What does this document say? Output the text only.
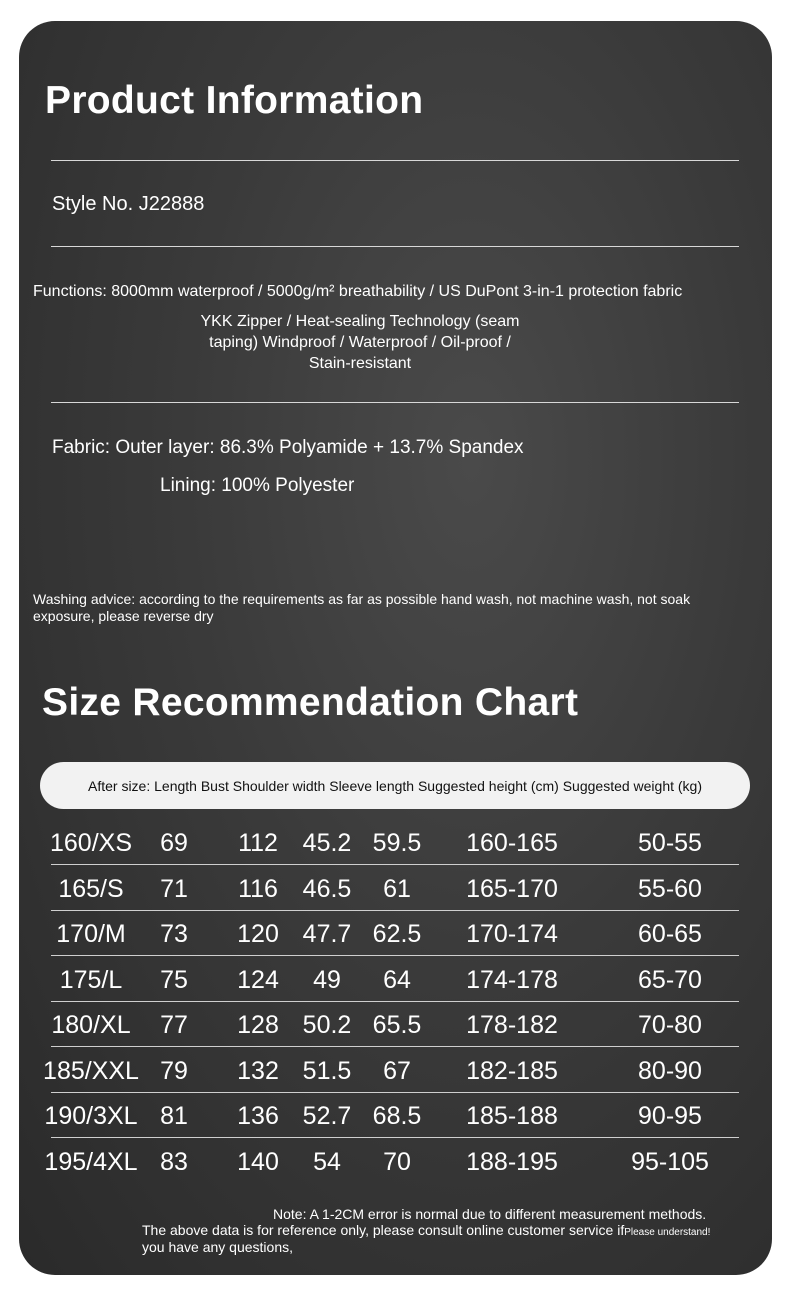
Product Information
Style No. J22888
Functions: 8000mm waterproof / 5000g/m² breathability / US DuPont 3-in-1 protection fabric
YKK Zipper / Heat-sealing Technology (seam
taping) Windproof / Waterproof / Oil-proof /
Stain-resistant
Fabric: Outer layer: 86.3% Polyamide + 13.7% Spandex
Lining: 100% Polyester
Washing advice: according to the requirements as far as possible hand wash, not machine wash, not soak
exposure, please reverse dry
Size Recommendation Chart
After size: Length Bust Shoulder width Sleeve length Suggested height (cm) Suggested weight (kg)
160/XS 69 112 45.2 59.5 160-165	50-55
165/S 71 116 46.5 61 165-170	55-60
170/M 73 120 47.7 62.5 170-174	60-65
175/L 75 124 49 64 174-178	65-70
180/XL 77 128 50.2 65.5 178-182	70-80
185/XXL 79 132 51.5 67 182-185	80-90
190/3XL 81 136 52.7 68.5 185-188	90-95
195/4XL 83 140 54 70 188-195	95-105
Note: A 1-2CM error is normal due to different measurement methods.
The above data is for reference only, please consult online customer service ifPlease understand!
you have any questions,
